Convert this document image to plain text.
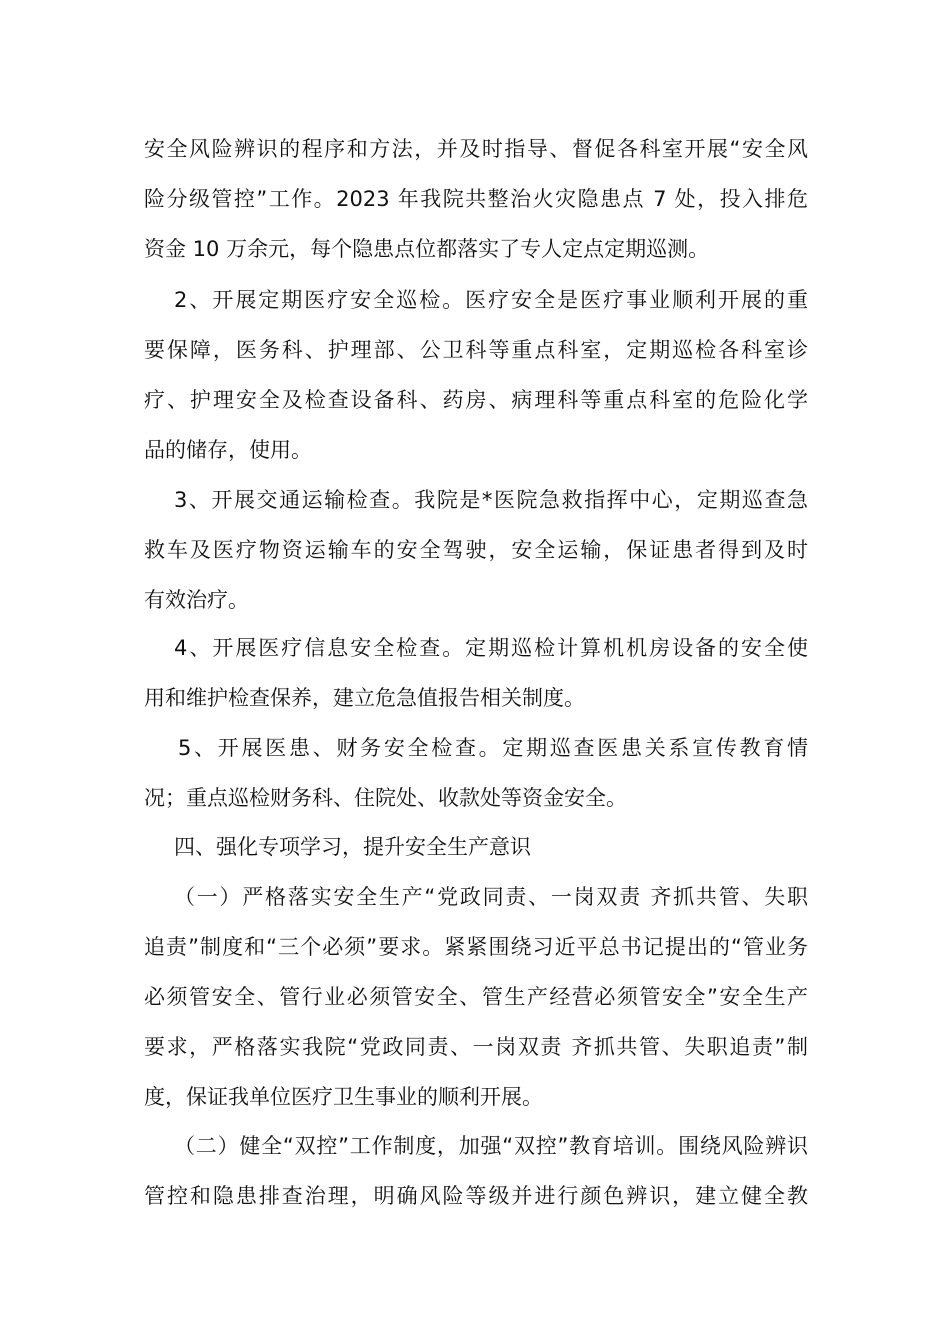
安全风险辨识的程序和方法，并及时指导、督促各科室开展“安全风
险分级管控”工作。2023 年我院共整治火灾隐患点 7 处，投入排危
资金 10 万余元，每个隐患点位都落实了专人定点定期巡测。
2、开展定期医疗安全巡检。医疗安全是医疗事业顺利开展的重
要保障，医务科、护理部、公卫科等重点科室，定期巡检各科室诊
疗、护理安全及检查设备科、药房、病理科等重点科室的危险化学
品的储存，使用。
3、开展交通运输检查。我院是*医院急救指挥中心，定期巡查急
救车及医疗物资运输车的安全驾驶，安全运输，保证患者得到及时
有效治疗。
4、开展医疗信息安全检查。定期巡检计算机机房设备的安全使
用和维护检查保养，建立危急值报告相关制度。
5、开展医患、财务安全检查。定期巡查医患关系宣传教育情
况；重点巡检财务科、住院处、收款处等资金安全。
四、强化专项学习，提升安全生产意识
（一）严格落实安全生产“党政同责、一岗双责 齐抓共管、失职
追责”制度和“三个必须”要求。紧紧围绕习近平总书记提出的“管业务
必须管安全、管行业必须管安全、管生产经营必须管安全”安全生产
要求，严格落实我院“党政同责、一岗双责 齐抓共管、失职追责”制
度，保证我单位医疗卫生事业的顺利开展。
（二）健全“双控”工作制度，加强“双控”教育培训。围绕风险辨识
管控和隐患排查治理，明确风险等级并进行颜色辨识，建立健全教
